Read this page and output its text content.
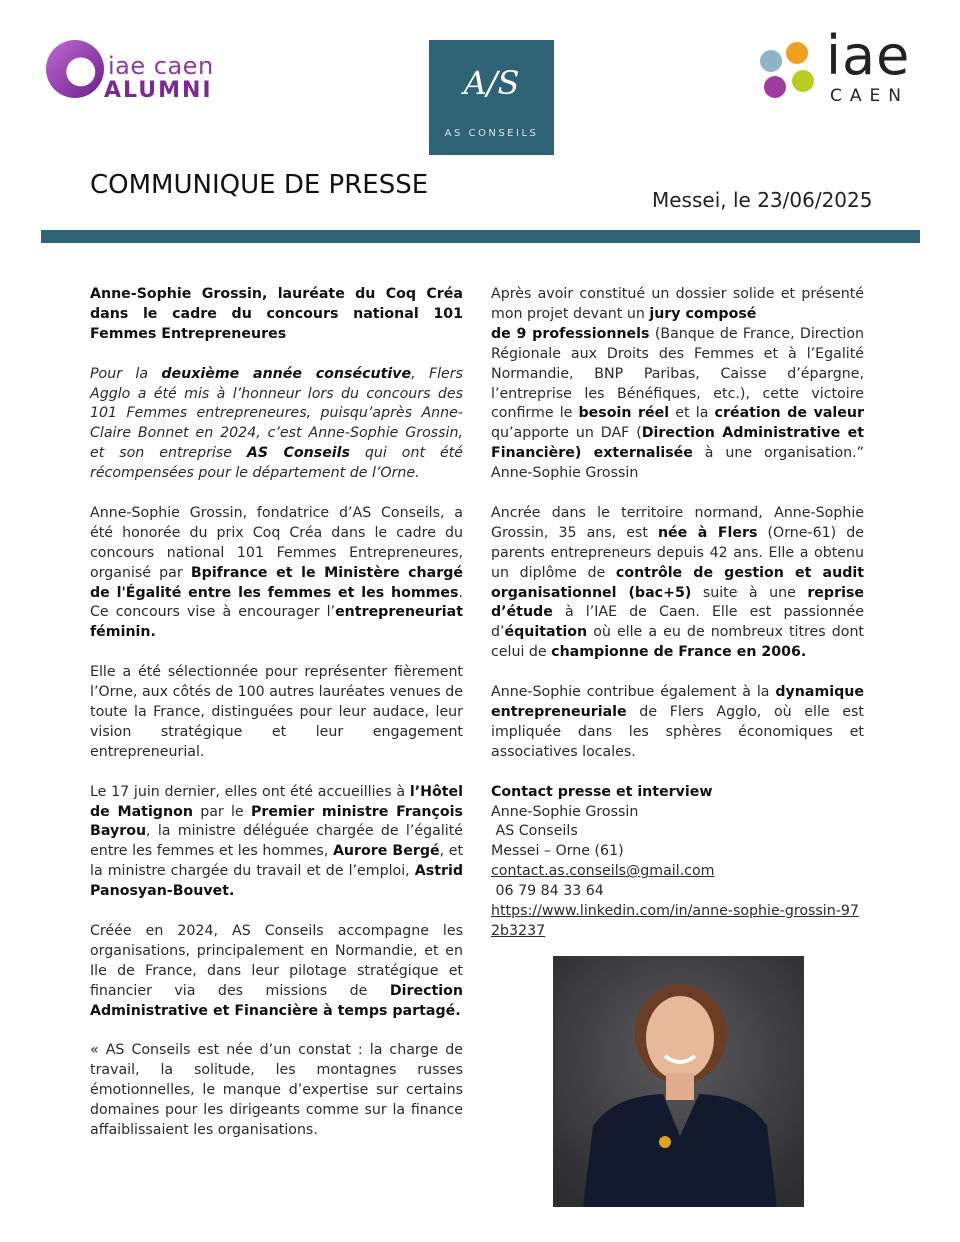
iae caen
ALUMNI	A/S
AS CONSEILS
iae
CAEN
COMMUNIQUE DE PRESSE	Messei, le 23/06/2025

Anne-Sophie Grossin, lauréate du Coq Créa dans le cadre du concours national 101 Femmes Entrepreneures

Pour la deuxième année consécutive, Flers Agglo a été mis à l’honneur lors du concours des 101 Femmes entrepreneures, puisqu’après Anne-Claire Bonnet en 2024, c’est Anne-Sophie Grossin, et son entreprise AS Conseils qui ont été récompensées pour le département de l’Orne.

Anne-Sophie Grossin, fondatrice d’AS Conseils, a été honorée du prix Coq Créa dans le cadre du concours national 101 Femmes Entrepreneures, organisé par Bpifrance et le Ministère chargé de l'Égalité entre les femmes et les hommes. Ce concours vise à encourager l’entrepreneuriat féminin.

Elle a été sélectionnée pour représenter fièrement l’Orne, aux côtés de 100 autres lauréates venues de toute la France, distinguées pour leur audace, leur vision stratégique et leur engagement entrepreneurial.

Le 17 juin dernier, elles ont été accueillies à l’Hôtel de Matignon par le Premier ministre François Bayrou, la ministre déléguée chargée de l’égalité entre les femmes et les hommes, Aurore Bergé, et la ministre chargée du travail et de l’emploi, Astrid Panosyan-Bouvet.

Créée en 2024, AS Conseils accompagne les organisations, principalement en Normandie, et en Ile de France, dans leur pilotage stratégique et financier via des missions de Direction Administrative et Financière à temps partagé.

« AS Conseils est née d’un constat : la charge de travail, la solitude, les montagnes russes émotionnelles, le manque d’expertise sur certains domaines pour les dirigeants comme sur la finance affaiblissaient les organisations.

Après avoir constitué un dossier solide et présenté mon projet devant un jury composé
de 9 professionnels (Banque de France, Direction Régionale aux Droits des Femmes et à l’Egalité Normandie, BNP Paribas, Caisse d’épargne, l’entreprise les Bénéfiques, etc.), cette victoire confirme le besoin réel et la création de valeur qu’apporte un DAF (Direction Administrative et Financière) externalisée à une organisation.” Anne-Sophie Grossin

Ancrée dans le territoire normand, Anne-Sophie Grossin, 35 ans, est née à Flers (Orne-61) de parents entrepreneurs depuis 42 ans. Elle a obtenu un diplôme de contrôle de gestion et audit organisationnel (bac+5) suite à une reprise d’étude à l’IAE de Caen. Elle est passionnée d’équitation où elle a eu de nombreux titres dont celui de championne de France en 2006.

Anne-Sophie contribue également à la dynamique entrepreneuriale de Flers Agglo, où elle est impliquée dans les sphères économiques et associatives locales.

Contact presse et interview
Anne-Sophie Grossin
AS Conseils
Messei – Orne (61)
contact.as.conseils@gmail.com
06 79 84 33 64
https://www.linkedin.com/in/anne-sophie-grossin-972b3237
